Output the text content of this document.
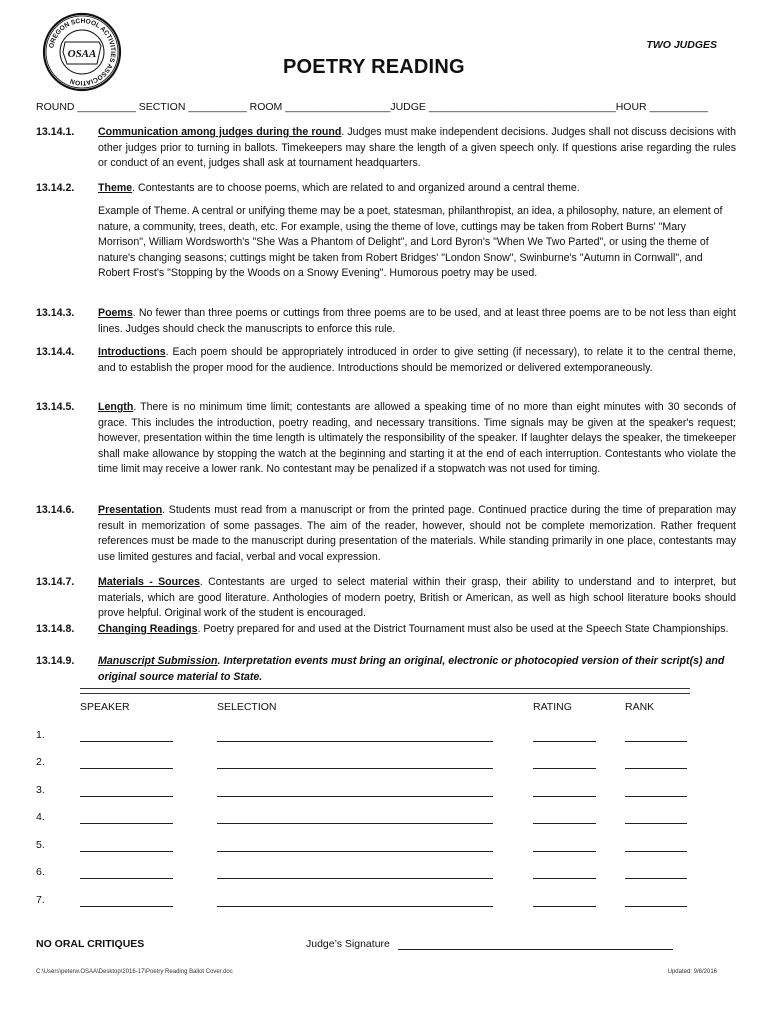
OREGON SCHOOL ACTIVITIES ASSOCIATION
OSAA
TWO JUDGES
POETRY READING
ROUND __________ SECTION __________ ROOM __________________JUDGE ________________________________HOUR __________
13.14.1. Communication among judges during the round. Judges must make independent decisions. Judges shall not discuss decisions with other judges prior to turning in ballots. Timekeepers may share the length of a given speech only. If questions arise regarding the rules or conduct of an event, judges shall ask at tournament headquarters.
13.14.2. Theme. Contestants are to choose poems, which are related to and organized around a central theme.
Example of Theme. A central or unifying theme may be a poet, statesman, philanthropist, an idea, a philosophy, nature, an element of nature, a community, trees, death, etc. For example, using the theme of love, cuttings may be taken from Robert Burns' "Mary Morrison", William Wordsworth's "She Was a Phantom of Delight", and Lord Byron's "When We Two Parted", or using the theme of nature's changing seasons; cuttings might be taken from Robert Bridges' "London Snow", Swinburne's "Autumn in Cornwall", and Robert Frost's "Stopping by the Woods on a Snowy Evening". Humorous poetry may be used.
13.14.3. Poems. No fewer than three poems or cuttings from three poems are to be used, and at least three poems are to be not less than eight lines. Judges should check the manuscripts to enforce this rule.
13.14.4. Introductions. Each poem should be appropriately introduced in order to give setting (if necessary), to relate it to the central theme, and to establish the proper mood for the audience. Introductions should be memorized or delivered extemporaneously.
13.14.5. Length. There is no minimum time limit; contestants are allowed a speaking time of no more than eight minutes with 30 seconds of grace. This includes the introduction, poetry reading, and necessary transitions. Time signals may be given at the speaker's request; however, presentation within the time length is ultimately the responsibility of the speaker. If laughter delays the speaker, the timekeeper shall make allowance by stopping the watch at the beginning and starting it at the end of each interruption. Contestants who violate the time limit may receive a lower rank. No contestant may be penalized if a stopwatch was not used for timing.
13.14.6. Presentation. Students must read from a manuscript or from the printed page. Continued practice during the time of preparation may result in memorization of some passages. The aim of the reader, however, should not be complete memorization. Rather frequent references must be made to the manuscript during presentation of the materials. While standing primarily in one place, contestants may use limited gestures and facial, verbal and vocal expression.
13.14.7. Materials - Sources. Contestants are urged to select material within their grasp, their ability to understand and to interpret, but materials, which are good literature. Anthologies of modern poetry, British or American, as well as high school literature books should prove helpful. Original work of the student is encouraged.
13.14.8. Changing Readings. Poetry prepared for and used at the District Tournament must also be used at the Speech State Championships.
13.14.9. Manuscript Submission. Interpretation events must bring an original, electronic or photocopied version of their script(s) and original source material to State.
SPEAKER	SELECTION	RATING	RANK
1.
2.
3.
4.
5.
6.
7.
NO ORAL CRITIQUES	Judge’s Signature
C:\Users\peterw.OSAA\Desktop\2016-17\Poetry Reading Ballot Cover.doc	Updated: 9/6/2016
